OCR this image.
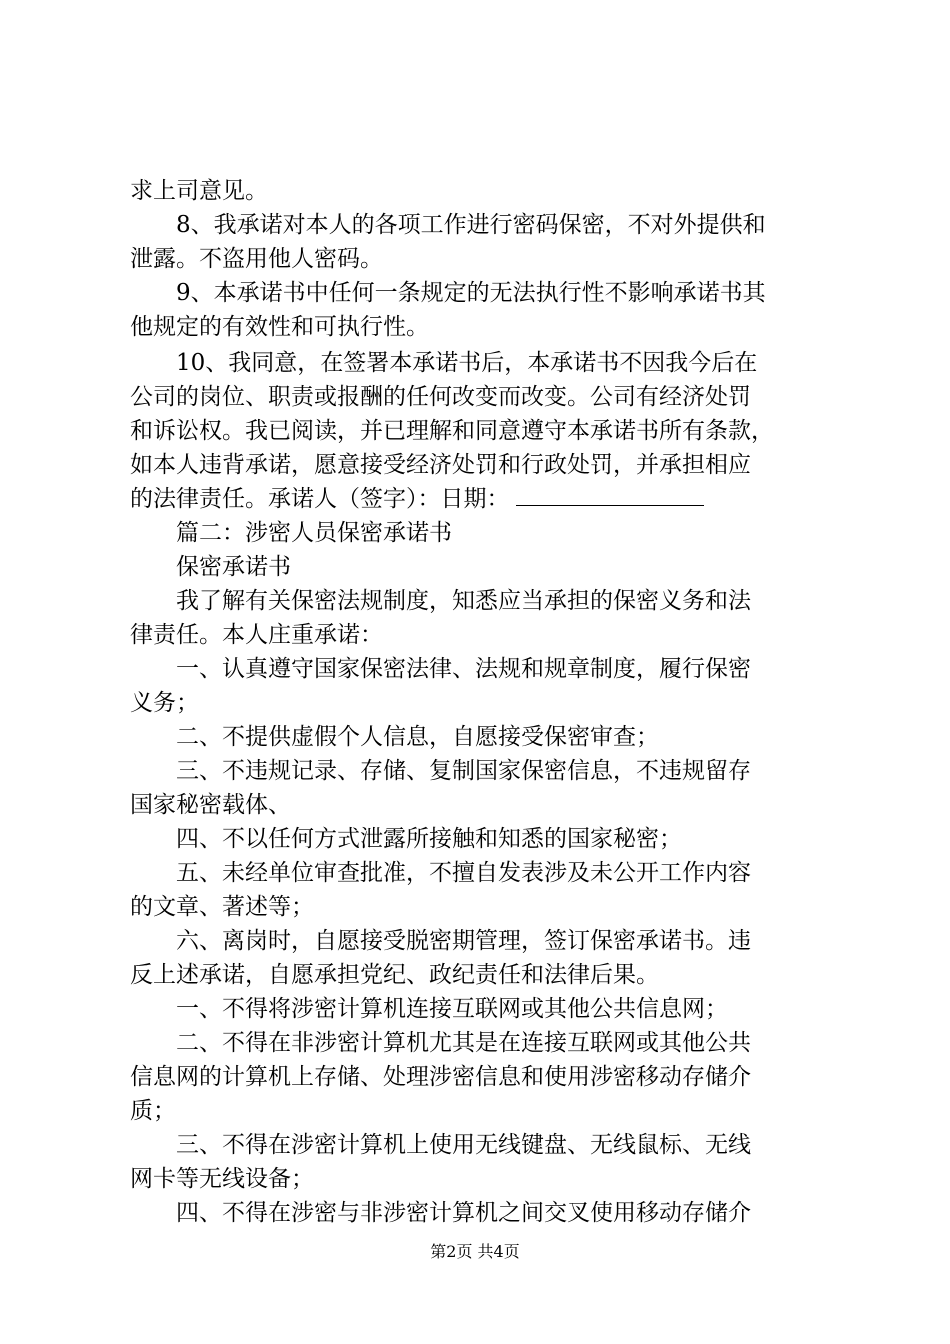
求上司意见。
8、我承诺对本人的各项工作进行密码保密，不对外提供和
泄露。不盗用他人密码。
9、本承诺书中任何一条规定的无法执行性不影响承诺书其
他规定的有效性和可执行性。
10、我同意，在签署本承诺书后，本承诺书不因我今后在
公司的岗位、职责或报酬的任何改变而改变。公司有经济处罚
和诉讼权。我已阅读，并已理解和同意遵守本承诺书所有条款，
如本人违背承诺，愿意接受经济处罚和行政处罚，并承担相应
的法律责任。承诺人（签字）：日期：
篇二：涉密人员保密承诺书
保密承诺书
我了解有关保密法规制度，知悉应当承担的保密义务和法
律责任。本人庄重承诺：
一、认真遵守国家保密法律、法规和规章制度，履行保密
义务；
二、不提供虚假个人信息，自愿接受保密审查；
三、不违规记录、存储、复制国家保密信息，不违规留存
国家秘密载体、
四、不以任何方式泄露所接触和知悉的国家秘密；
五、未经单位审查批准，不擅自发表涉及未公开工作内容
的文章、著述等；
六、离岗时，自愿接受脱密期管理，签订保密承诺书。违
反上述承诺，自愿承担党纪、政纪责任和法律后果。
一、不得将涉密计算机连接互联网或其他公共信息网；
二、不得在非涉密计算机尤其是在连接互联网或其他公共
信息网的计算机上存储、处理涉密信息和使用涉密移动存储介
质；
三、不得在涉密计算机上使用无线键盘、无线鼠标、无线
网卡等无线设备；
四、不得在涉密与非涉密计算机之间交叉使用移动存储介
第2页 共4页
